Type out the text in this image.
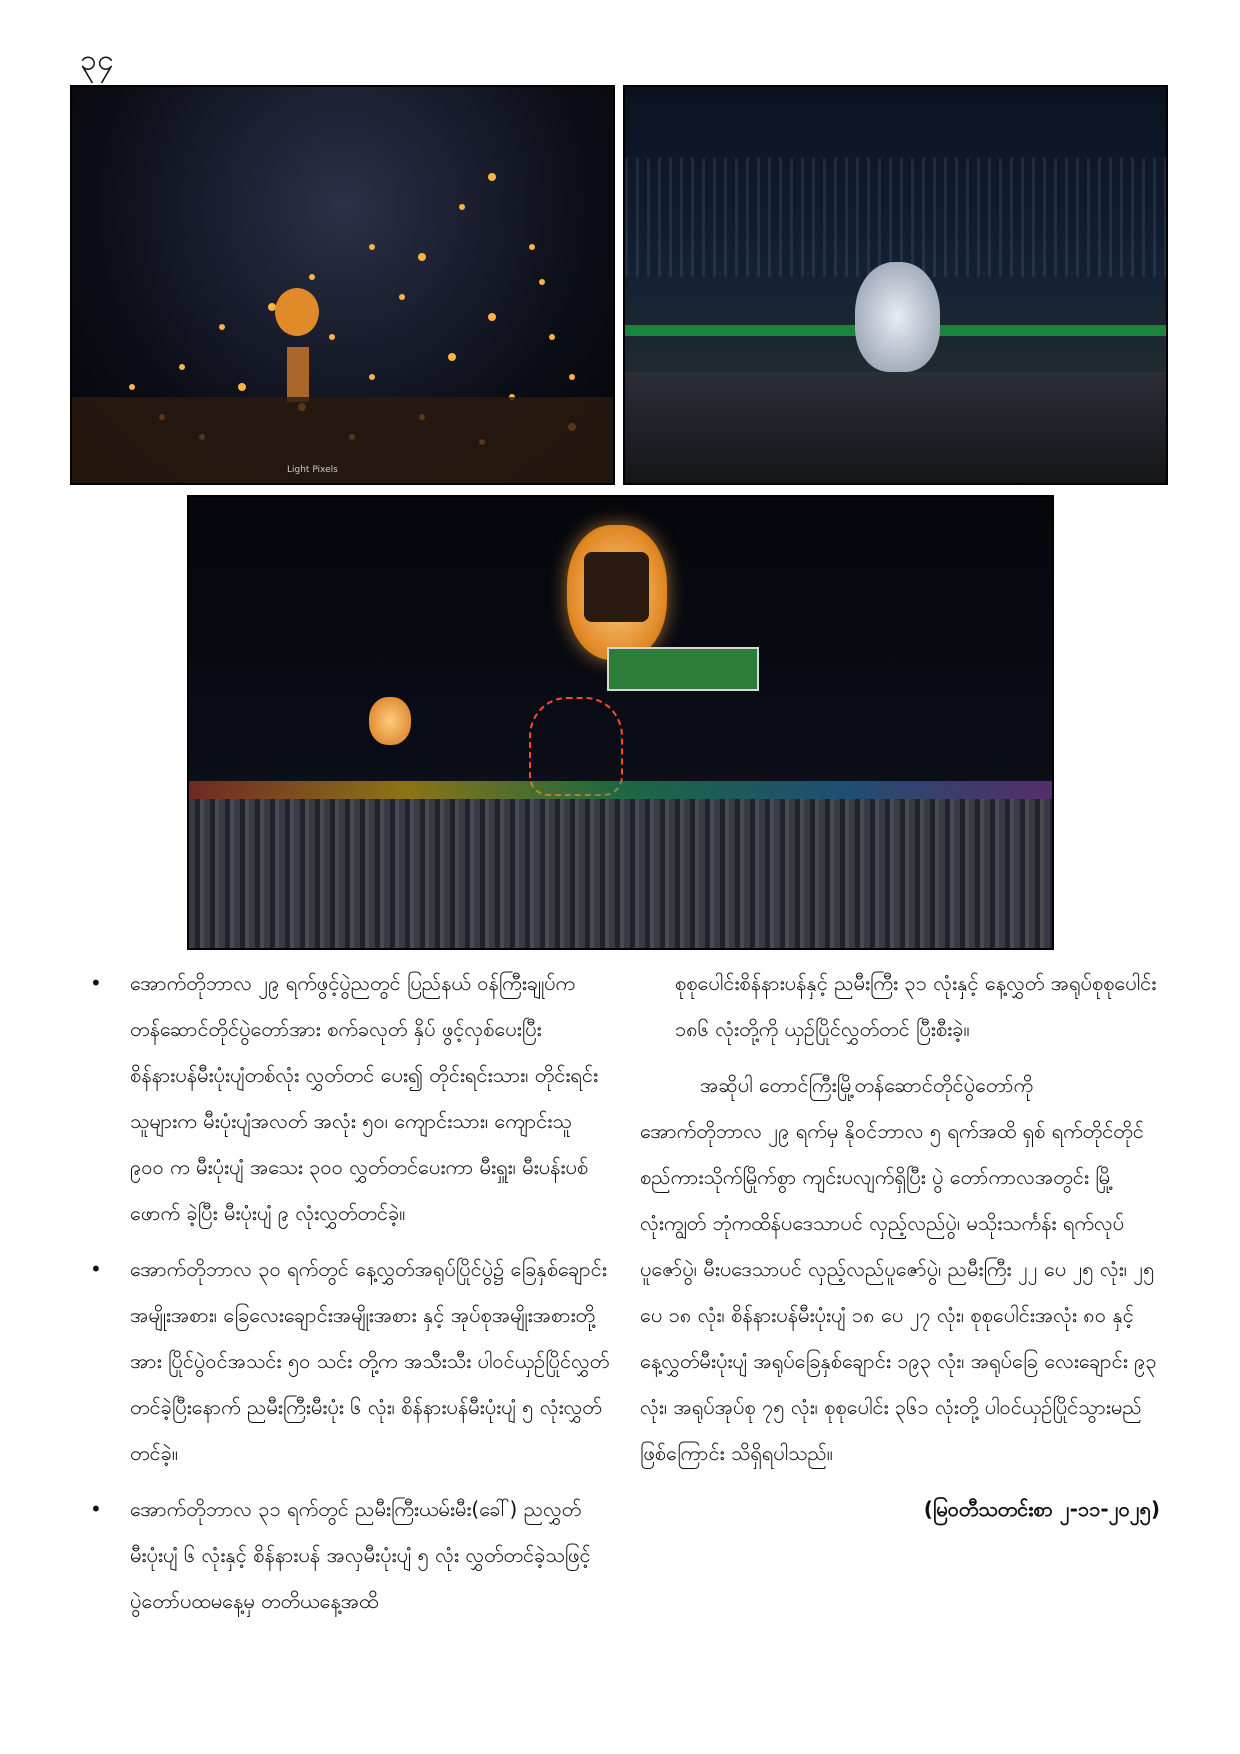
၃၄
Light Pixels
• အောက်တိုဘာလ ၂၉ ရက်ဖွင့်ပွဲညတွင် ပြည်နယ် ဝန်ကြီးချုပ်က တန်ဆောင်တိုင်ပွဲတော်အား စက်ခလုတ် နှိပ် ဖွင့်လှစ်ပေးပြီး စိန်နားပန်မီးပုံးပျံတစ်လုံး လွှတ်တင် ပေး၍ တိုင်းရင်းသား၊ တိုင်းရင်းသူများက မီးပုံးပျံအလတ် အလုံး ၅၀၊ ကျောင်းသား၊ ကျောင်းသူ ၉၀၀ က မီးပုံးပျံ အသေး ၃၀၀ လွှတ်တင်ပေးကာ မီးရှူး၊ မီးပန်းပစ်ဖောက် ခဲ့ပြီး မီးပုံးပျံ ၉ လုံးလွှတ်တင်ခဲ့။
• အောက်တိုဘာလ ၃၀ ရက်တွင် နေ့လွှတ်အရုပ်ပြိုင်ပွဲ၌ ခြေနှစ်ချောင်းအမျိုးအစား၊ ခြေလေးချောင်းအမျိုးအစား နှင့် အုပ်စုအမျိုးအစားတို့အား ပြိုင်ပွဲဝင်အသင်း ၅၀ သင်း တို့က အသီးသီး ပါဝင်ယှဉ်ပြိုင်လွှတ်တင်ခဲ့ပြီးနောက် ညမီးကြီးမီးပုံး ၆ လုံး၊ စိန်နားပန်မီးပုံးပျံ ၅ လုံးလွှတ်တင်ခဲ့။
• အောက်တိုဘာလ ၃၁ ရက်တွင် ညမီးကြီးယမ်းမီး(ခေါ်) ညလွှတ်မီးပုံးပျံ ၆ လုံးနှင့် စိန်နားပန် အလှမီးပုံးပျံ ၅ လုံး လွှတ်တင်ခဲ့သဖြင့် ပွဲတော်ပထမနေ့မှ တတိယနေ့အထိ

စုစုပေါင်းစိန်နားပန်နှင့် ညမီးကြီး ၃၁ လုံးနှင့် နေ့လွှတ် အရုပ်စုစုပေါင်း ၁၈၆ လုံးတို့ကို ယှဉ်ပြိုင်လွှတ်တင် ပြီးစီးခဲ့။

အဆိုပါ တောင်ကြီးမြို့တန်ဆောင်တိုင်ပွဲတော်ကို အောက်တိုဘာလ ၂၉ ရက်မှ နိုဝင်ဘာလ ၅ ရက်အထိ ရှစ် ရက်တိုင်တိုင် စည်ကားသိုက်မြိုက်စွာ ကျင်းပလျက်ရှိပြီး ပွဲ တော်ကာလအတွင်း မြို့လုံးကျွတ် ဘုံကထိန်ပဒေသာပင် လှည့်လည်ပွဲ၊ မသိုးသင်္ကန်း ရက်လုပ်ပူဇော်ပွဲ၊ မီးပဒေသာပင် လှည့်လည်ပူဇော်ပွဲ၊ ညမီးကြီး ၂၂ ပေ ၂၅ လုံး၊ ၂၅ ပေ ၁၈ လုံး၊ စိန်နားပန်မီးပုံးပျံ ၁၈ ပေ ၂၇ လုံး၊ စုစုပေါင်းအလုံး ၈၀ နှင့် နေ့လွှတ်မီးပုံးပျံ အရုပ်ခြေနှစ်ချောင်း ၁၉၃ လုံး၊ အရုပ်ခြေ လေးချောင်း ၉၃ လုံး၊ အရုပ်အုပ်စု ၇၅ လုံး၊ စုစုပေါင်း ၃၆၁ လုံးတို့ ပါဝင်ယှဉ်ပြိုင်သွားမည်ဖြစ်ကြောင်း သိရှိရပါသည်။

(မြဝတီသတင်းစာ ၂-၁၁-၂၀၂၅)
